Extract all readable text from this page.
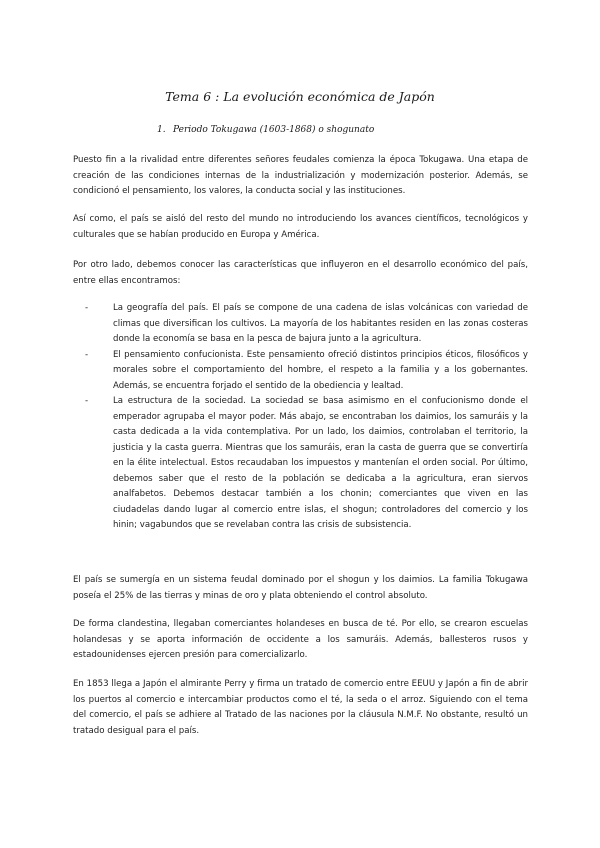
Tema 6 : La evolución económica de Japón
1. Periodo Tokugawa (1603-1868) o shogunato

Puesto fin a la rivalidad entre diferentes señores feudales comienza la época Tokugawa. Una etapa de creación de las condiciones internas de la industrialización y modernización posterior. Además, se condicionó el pensamiento, los valores, la conducta social y las instituciones.

Así como, el país se aisló del resto del mundo no introduciendo los avances científicos, tecnológicos y culturales que se habían producido en Europa y América.

Por otro lado, debemos conocer las características que influyeron en el desarrollo económico del país, entre ellas encontramos:

-	La geografía del país. El país se compone de una cadena de islas volcánicas con variedad de climas que diversifican los cultivos. La mayoría de los habitantes residen en las zonas costeras donde la economía se basa en la pesca de bajura junto a la agricultura.
-	El pensamiento confucionista. Este pensamiento ofreció distintos principios éticos, filosóficos y morales sobre el comportamiento del hombre, el respeto a la familia y a los gobernantes. Además, se encuentra forjado el sentido de la obediencia y lealtad.
-	La estructura de la sociedad. La sociedad se basa asimismo en el confucionismo donde el emperador agrupaba el mayor poder. Más abajo, se encontraban los daimios, los samuráis y la casta dedicada a la vida contemplativa. Por un lado, los daimios, controlaban el territorio, la justicia y la casta guerra. Mientras que los samuráis, eran la casta de guerra que se convertiría en la élite intelectual. Estos recaudaban los impuestos y mantenían el orden social. Por último, debemos saber que el resto de la población se dedicaba a la agricultura, eran siervos analfabetos. Debemos destacar también a los chonin; comerciantes que viven en las ciudadelas dando lugar al comercio entre islas, el shogun; controladores del comercio y los hinin; vagabundos que se revelaban contra las crisis de subsistencia.

El país se sumergía en un sistema feudal dominado por el shogun y los daimios. La familia Tokugawa poseía el 25% de las tierras y minas de oro y plata obteniendo el control absoluto.

De forma clandestina, llegaban comerciantes holandeses en busca de té. Por ello, se crearon escuelas holandesas y se aporta información de occidente a los samuráis. Además, ballesteros rusos y estadounidenses ejercen presión para comercializarlo.

En 1853 llega a Japón el almirante Perry y firma un tratado de comercio entre EEUU y Japón a fin de abrir los puertos al comercio e intercambiar productos como el té, la seda o el arroz. Siguiendo con el tema del comercio, el país se adhiere al Tratado de las naciones por la cláusula N.M.F. No obstante, resultó un tratado desigual para el país.
